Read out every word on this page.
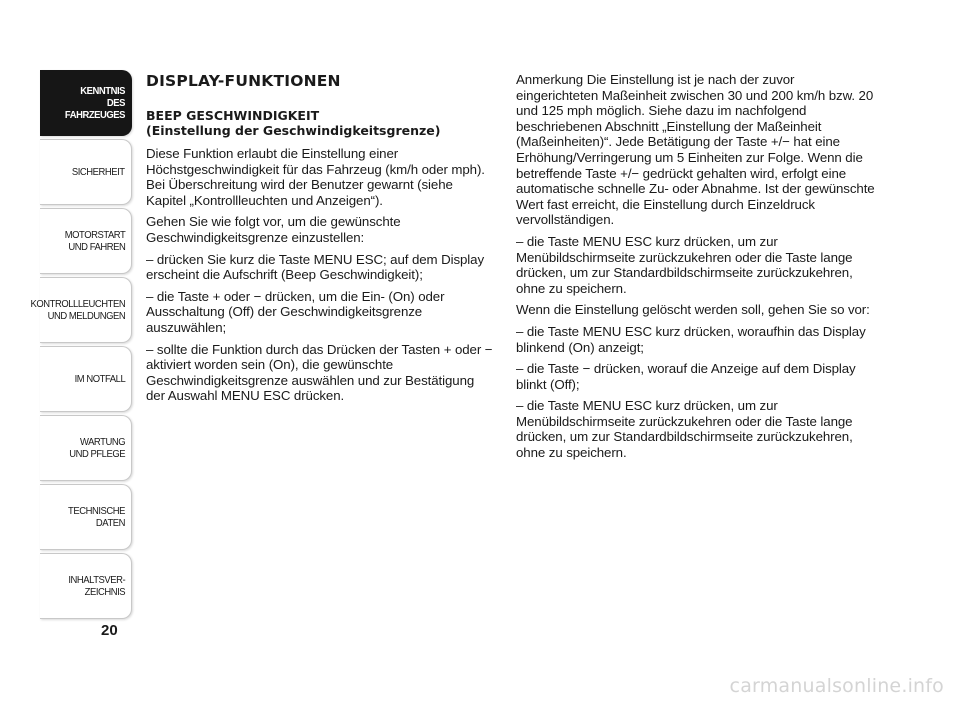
KENNTNIS
DES FAHRZEUGES
SICHERHEIT
MOTORSTART
UND FAHREN
KONTROLLLEUCHTEN
UND MELDUNGEN
IM NOTFALL
WARTUNG
UND PFLEGE
TECHNISCHE DATEN
INHALTSVER-
ZEICHNIS
20
DISPLAY-FUNKTIONEN
BEEP GESCHWINDIGKEIT
(Einstellung der Geschwindigkeitsgrenze)

Diese Funktion erlaubt die Einstellung einer Höchstgeschwindigkeit für das Fahrzeug (km/h oder mph). Bei Überschreitung wird der Benutzer gewarnt (siehe Kapitel „Kontrollleuchten und Anzeigen“).

Gehen Sie wie folgt vor, um die gewünschte Geschwindigkeitsgrenze einzustellen:

– drücken Sie kurz die Taste MENU ESC; auf dem Display erscheint die Aufschrift (Beep Geschwindigkeit);

– die Taste + oder − drücken, um die Ein- (On) oder Ausschaltung (Off) der Geschwindigkeitsgrenze auszuwählen;

– sollte die Funktion durch das Drücken der Tasten + oder − aktiviert worden sein (On), die gewünschte Geschwindigkeitsgrenze auswählen und zur Bestätigung der Auswahl MENU ESC drücken.

Anmerkung Die Einstellung ist je nach der zuvor eingerichteten Maßeinheit zwischen 30 und 200 km/h bzw. 20 und 125 mph möglich. Siehe dazu im nachfolgend beschriebenen Abschnitt „Einstellung der Maßeinheit (Maßeinheiten)“. Jede Betätigung der Taste +/− hat eine Erhöhung/Verringerung um 5 Einheiten zur Folge. Wenn die betreffende Taste +/− gedrückt gehalten wird, erfolgt eine automatische schnelle Zu- oder Abnahme. Ist der gewünschte Wert fast erreicht, die Einstellung durch Einzeldruck vervollständigen.

– die Taste MENU ESC kurz drücken, um zur Menübildschirmseite zurückzukehren oder die Taste lange drücken, um zur Standardbildschirmseite zurückzukehren, ohne zu speichern.

Wenn die Einstellung gelöscht werden soll, gehen Sie so vor:

– die Taste MENU ESC kurz drücken, woraufhin das Display blinkend (On) anzeigt;

– die Taste − drücken, worauf die Anzeige auf dem Display blinkt (Off);

– die Taste MENU ESC kurz drücken, um zur Menübildschirmseite zurückzukehren oder die Taste lange drücken, um zur Standardbildschirmseite zurückzukehren, ohne zu speichern.

carmanualsonline.info
